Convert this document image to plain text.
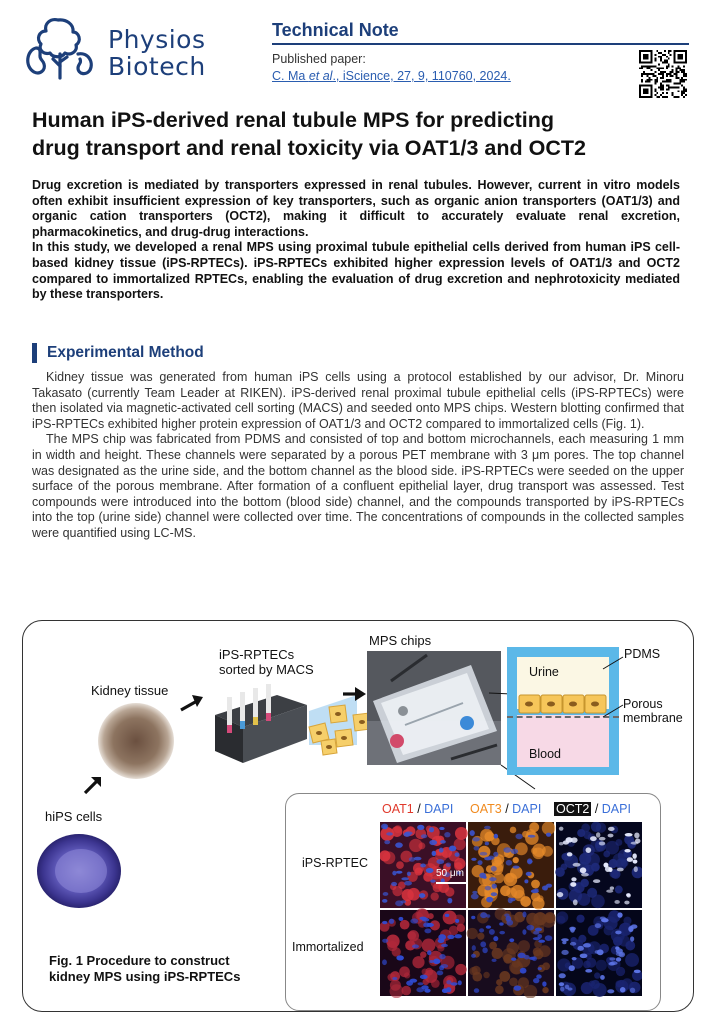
Physios
Biotech
Technical Note
Published paper:
C. Ma et al., iScience, 27, 9, 110760, 2024.
Human iPS-derived renal tubule MPS for predicting
drug transport and renal toxicity via OAT1/3 and OCT2

Drug excretion is mediated by transporters expressed in renal tubules. However, current in vitro models often exhibit insufficient expression of key transporters, such as organic anion transporters (OAT1/3) and organic cation transporters (OCT2), making it difficult to accurately evaluate renal excretion, pharmacokinetics, and drug-drug interactions.

In this study, we developed a renal MPS using proximal tubule epithelial cells derived from human iPS cell-based kidney tissue (iPS-RPTECs). iPS-RPTECs exhibited higher expression levels of OAT1/3 and OCT2 compared to immortalized RPTECs, enabling the evaluation of drug excretion and nephrotoxicity mediated by these transporters.

Experimental Method

Kidney tissue was generated from human iPS cells using a protocol established by our advisor, Dr. Minoru Takasato (currently Team Leader at RIKEN). iPS-derived renal proximal tubule epithelial cells (iPS-RPTECs) were then isolated via magnetic-activated cell sorting (MACS) and seeded onto MPS chips. Western blotting confirmed that iPS-RPTECs exhibited higher protein expression of OAT1/3 and OCT2 compared to immortalized cells (Fig. 1).

The MPS chip was fabricated from PDMS and consisted of top and bottom microchannels, each measuring 1 mm in width and height. These channels were separated by a porous PET membrane with 3 μm pores. The top channel was designated as the urine side, and the bottom channel as the blood side. iPS-RPTECs were seeded on the upper surface of the porous membrane. After formation of a confluent epithelial layer, drug transport was assessed. Test compounds were introduced into the bottom (blood side) channel, and the compounds transported by iPS-RPTECs into the top (urine side) channel were collected over time. The concentrations of compounds in the collected samples were quantified using LC-MS.

hiPS cells
Kidney tissue
iPS-RPTECs
sorted by MACS
MPS chips
Urine
Blood
PDMS
Porous
membrane
OAT1 / DAPI OAT3 / DAPI OCT2 / DAPI
iPS-RPTEC
Immortalized
50 μm
Fig. 1 Procedure to construct
kidney MPS using iPS-RPTECs
